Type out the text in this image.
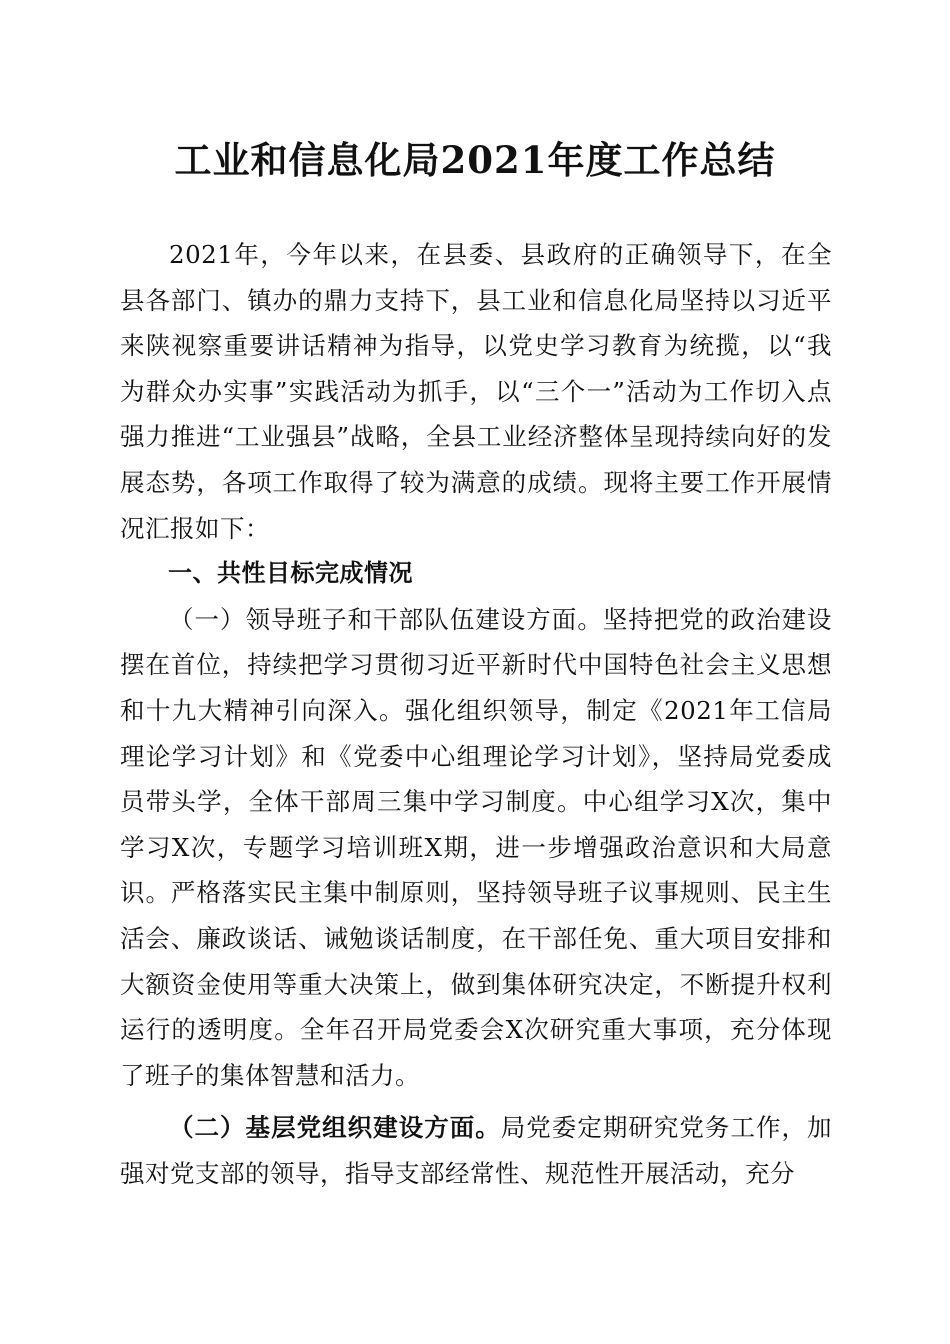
工业和信息化局2021年度工作总结

2021年，今年以来，在县委、县政府的正确领导下，在全县各部门、镇办的鼎力支持下，县工业和信息化局坚持以习近平来陕视察重要讲话精神为指导，以党史学习教育为统揽，以“我为群众办实事”实践活动为抓手，以“三个一”活动为工作切入点强力推进“工业强县”战略，全县工业经济整体呈现持续向好的发展态势，各项工作取得了较为满意的成绩。现将主要工作开展情况汇报如下：

一、共性目标完成情况

（一）领导班子和干部队伍建设方面。坚持把党的政治建设摆在首位，持续把学习贯彻习近平新时代中国特色社会主义思想和十九大精神引向深入。强化组织领导，制定《2021年工信局理论学习计划》和《党委中心组理论学习计划》，坚持局党委成员带头学，全体干部周三集中学习制度。中心组学习X次，集中学习X次，专题学习培训班X期，进一步增强政治意识和大局意识。严格落实民主集中制原则，坚持领导班子议事规则、民主生活会、廉政谈话、诫勉谈话制度，在干部任免、重大项目安排和大额资金使用等重大决策上，做到集体研究决定，不断提升权利运行的透明度。全年召开局党委会X次研究重大事项，充分体现了班子的集体智慧和活力。

（二）基层党组织建设方面。局党委定期研究党务工作，加强对党支部的领导，指导支部经常性、规范性开展活动，充分
